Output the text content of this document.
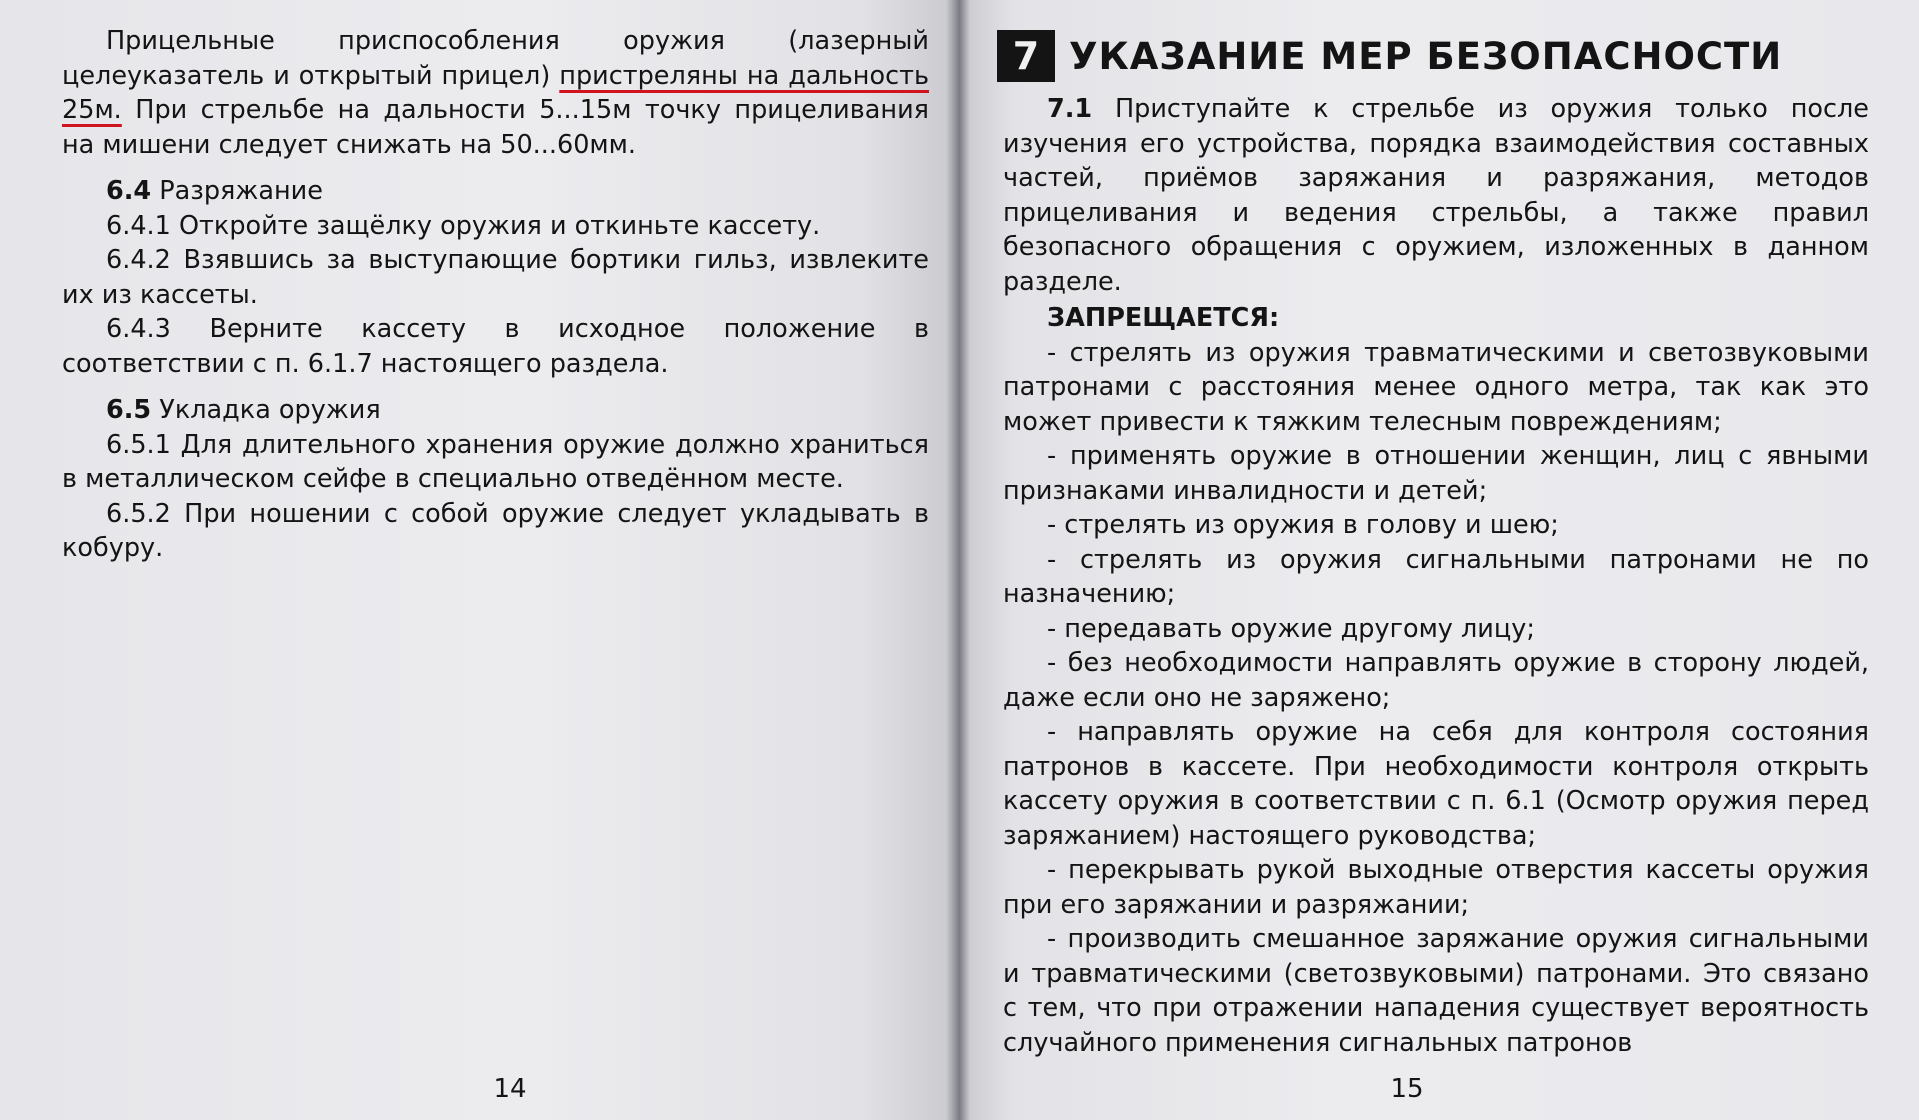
Прицельные приспособления оружия (лазерный целеуказатель и открытый прицел) пристреляны на дальность 25м. При стрельбе на дальности 5...15м точку прицеливания на мишени следует снижать на 50...60мм.

6.4 Разряжание

6.4.1 Откройте защёлку оружия и откиньте кассету.

6.4.2 Взявшись за выступающие бортики гильз, извлеките их из кассеты.

6.4.3 Верните кассету в исходное положение в соответствии с п. 6.1.7 настоящего раздела.

6.5 Укладка оружия

6.5.1 Для длительного хранения оружие должно храниться в металлическом сейфе в специально отведённом месте.

6.5.2 При ношении с собой оружие следует укладывать в кобуру.

14
7 УКАЗАНИЕ МЕР БЕЗОПАСНОСТИ

7.1 Приступайте к стрельбе из оружия только после изучения его устройства, порядка взаимодействия составных частей, приёмов заряжания и разряжания, методов прицеливания и ведения стрельбы, а также правил безопасного обращения с оружием, изложенных в данном разделе.

ЗАПРЕЩАЕТСЯ:

- стрелять из оружия травматическими и светозвуковыми патронами с расстояния менее одного метра, так как это может привести к тяжким телесным повреждениям;

- применять оружие в отношении женщин, лиц с явными признаками инвалидности и детей;

- стрелять из оружия в голову и шею;

- стрелять из оружия сигнальными патронами не по назначению;

- передавать оружие другому лицу;

- без необходимости направлять оружие в сторону людей, даже если оно не заряжено;

- направлять оружие на себя для контроля состояния патронов в кассете. При необходимости контроля открыть кассету оружия в соответствии с п. 6.1 (Осмотр оружия перед заряжанием) настоящего руководства;

- перекрывать рукой выходные отверстия кассеты оружия при его заряжании и разряжании;

- производить смешанное заряжание оружия сигнальными и травматическими (светозвуковыми) патронами. Это связано с тем, что при отражении нападения существует вероятность случайного применения сигнальных патронов

15
